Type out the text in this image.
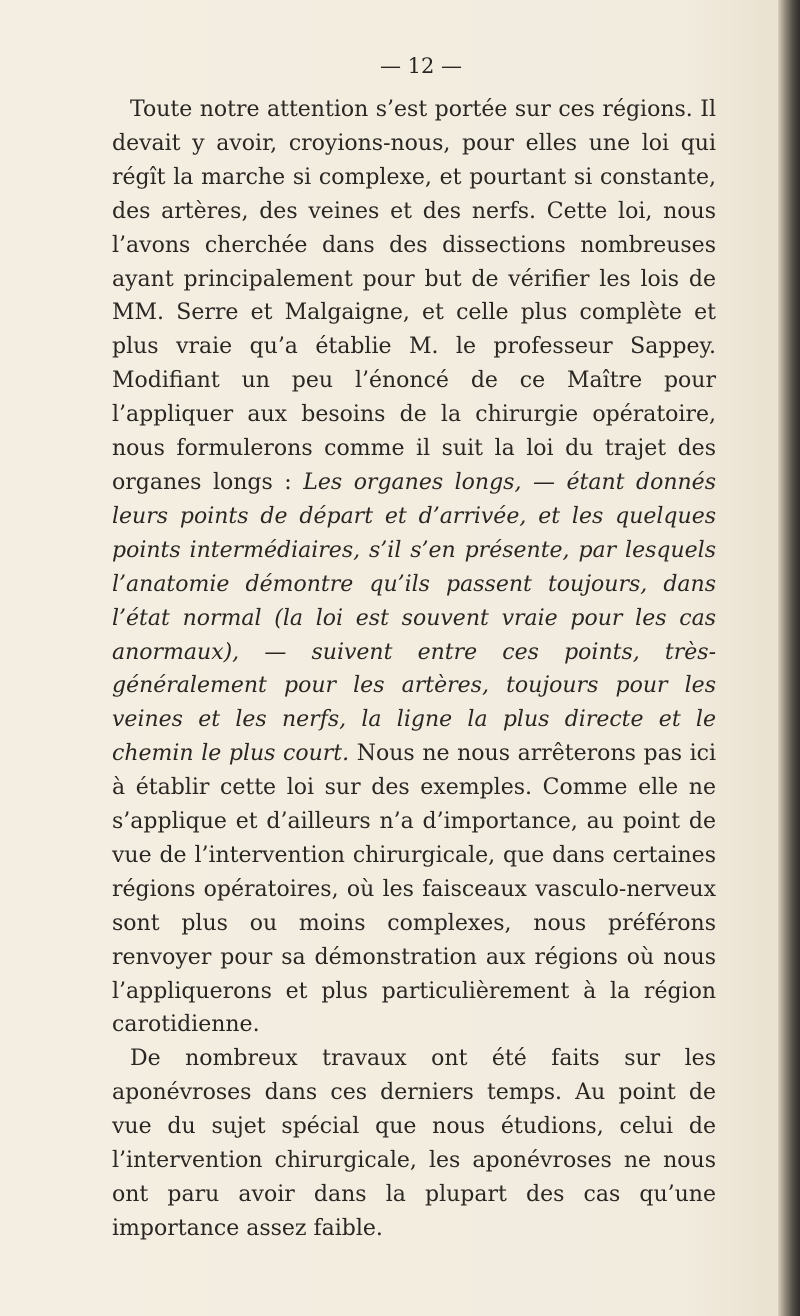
— 12 —

Toute notre attention s’est portée sur ces régions. Il devait y avoir, croyions-nous, pour elles une loi qui régît la marche si complexe, et pourtant si constante, des artères, des veines et des nerfs. Cette loi, nous l’avons cherchée dans des dissections nombreuses ayant principalement pour but de vérifier les lois de MM. Serre et Malgaigne, et celle plus complète et plus vraie qu’a établie M. le professeur Sappey. Modifiant un peu l’énoncé de ce Maître pour l’appliquer aux besoins de la chirurgie opératoire, nous formulerons comme il suit la loi du trajet des organes longs : Les organes longs, — étant donnés leurs points de départ et d’arrivée, et les quelques points intermédiaires, s’il s’en présente, par lesquels l’anatomie démontre qu’ils passent toujours, dans l’état normal (la loi est souvent vraie pour les cas anormaux), — suivent entre ces points, très-généralement pour les artères, toujours pour les veines et les nerfs, la ligne la plus directe et le chemin le plus court. Nous ne nous arrêterons pas ici à établir cette loi sur des exemples. Comme elle ne s’applique et d’ailleurs n’a d’importance, au point de vue de l’intervention chirurgicale, que dans certaines régions opératoires, où les faisceaux vasculo-nerveux sont plus ou moins complexes, nous préférons renvoyer pour sa démonstration aux régions où nous l’appliquerons et plus particulièrement à la région carotidienne.

De nombreux travaux ont été faits sur les aponévroses dans ces derniers temps. Au point de vue du sujet spécial que nous étudions, celui de l’intervention chirurgicale, les aponévroses ne nous ont paru avoir dans la plupart des cas qu’une importance assez faible.
